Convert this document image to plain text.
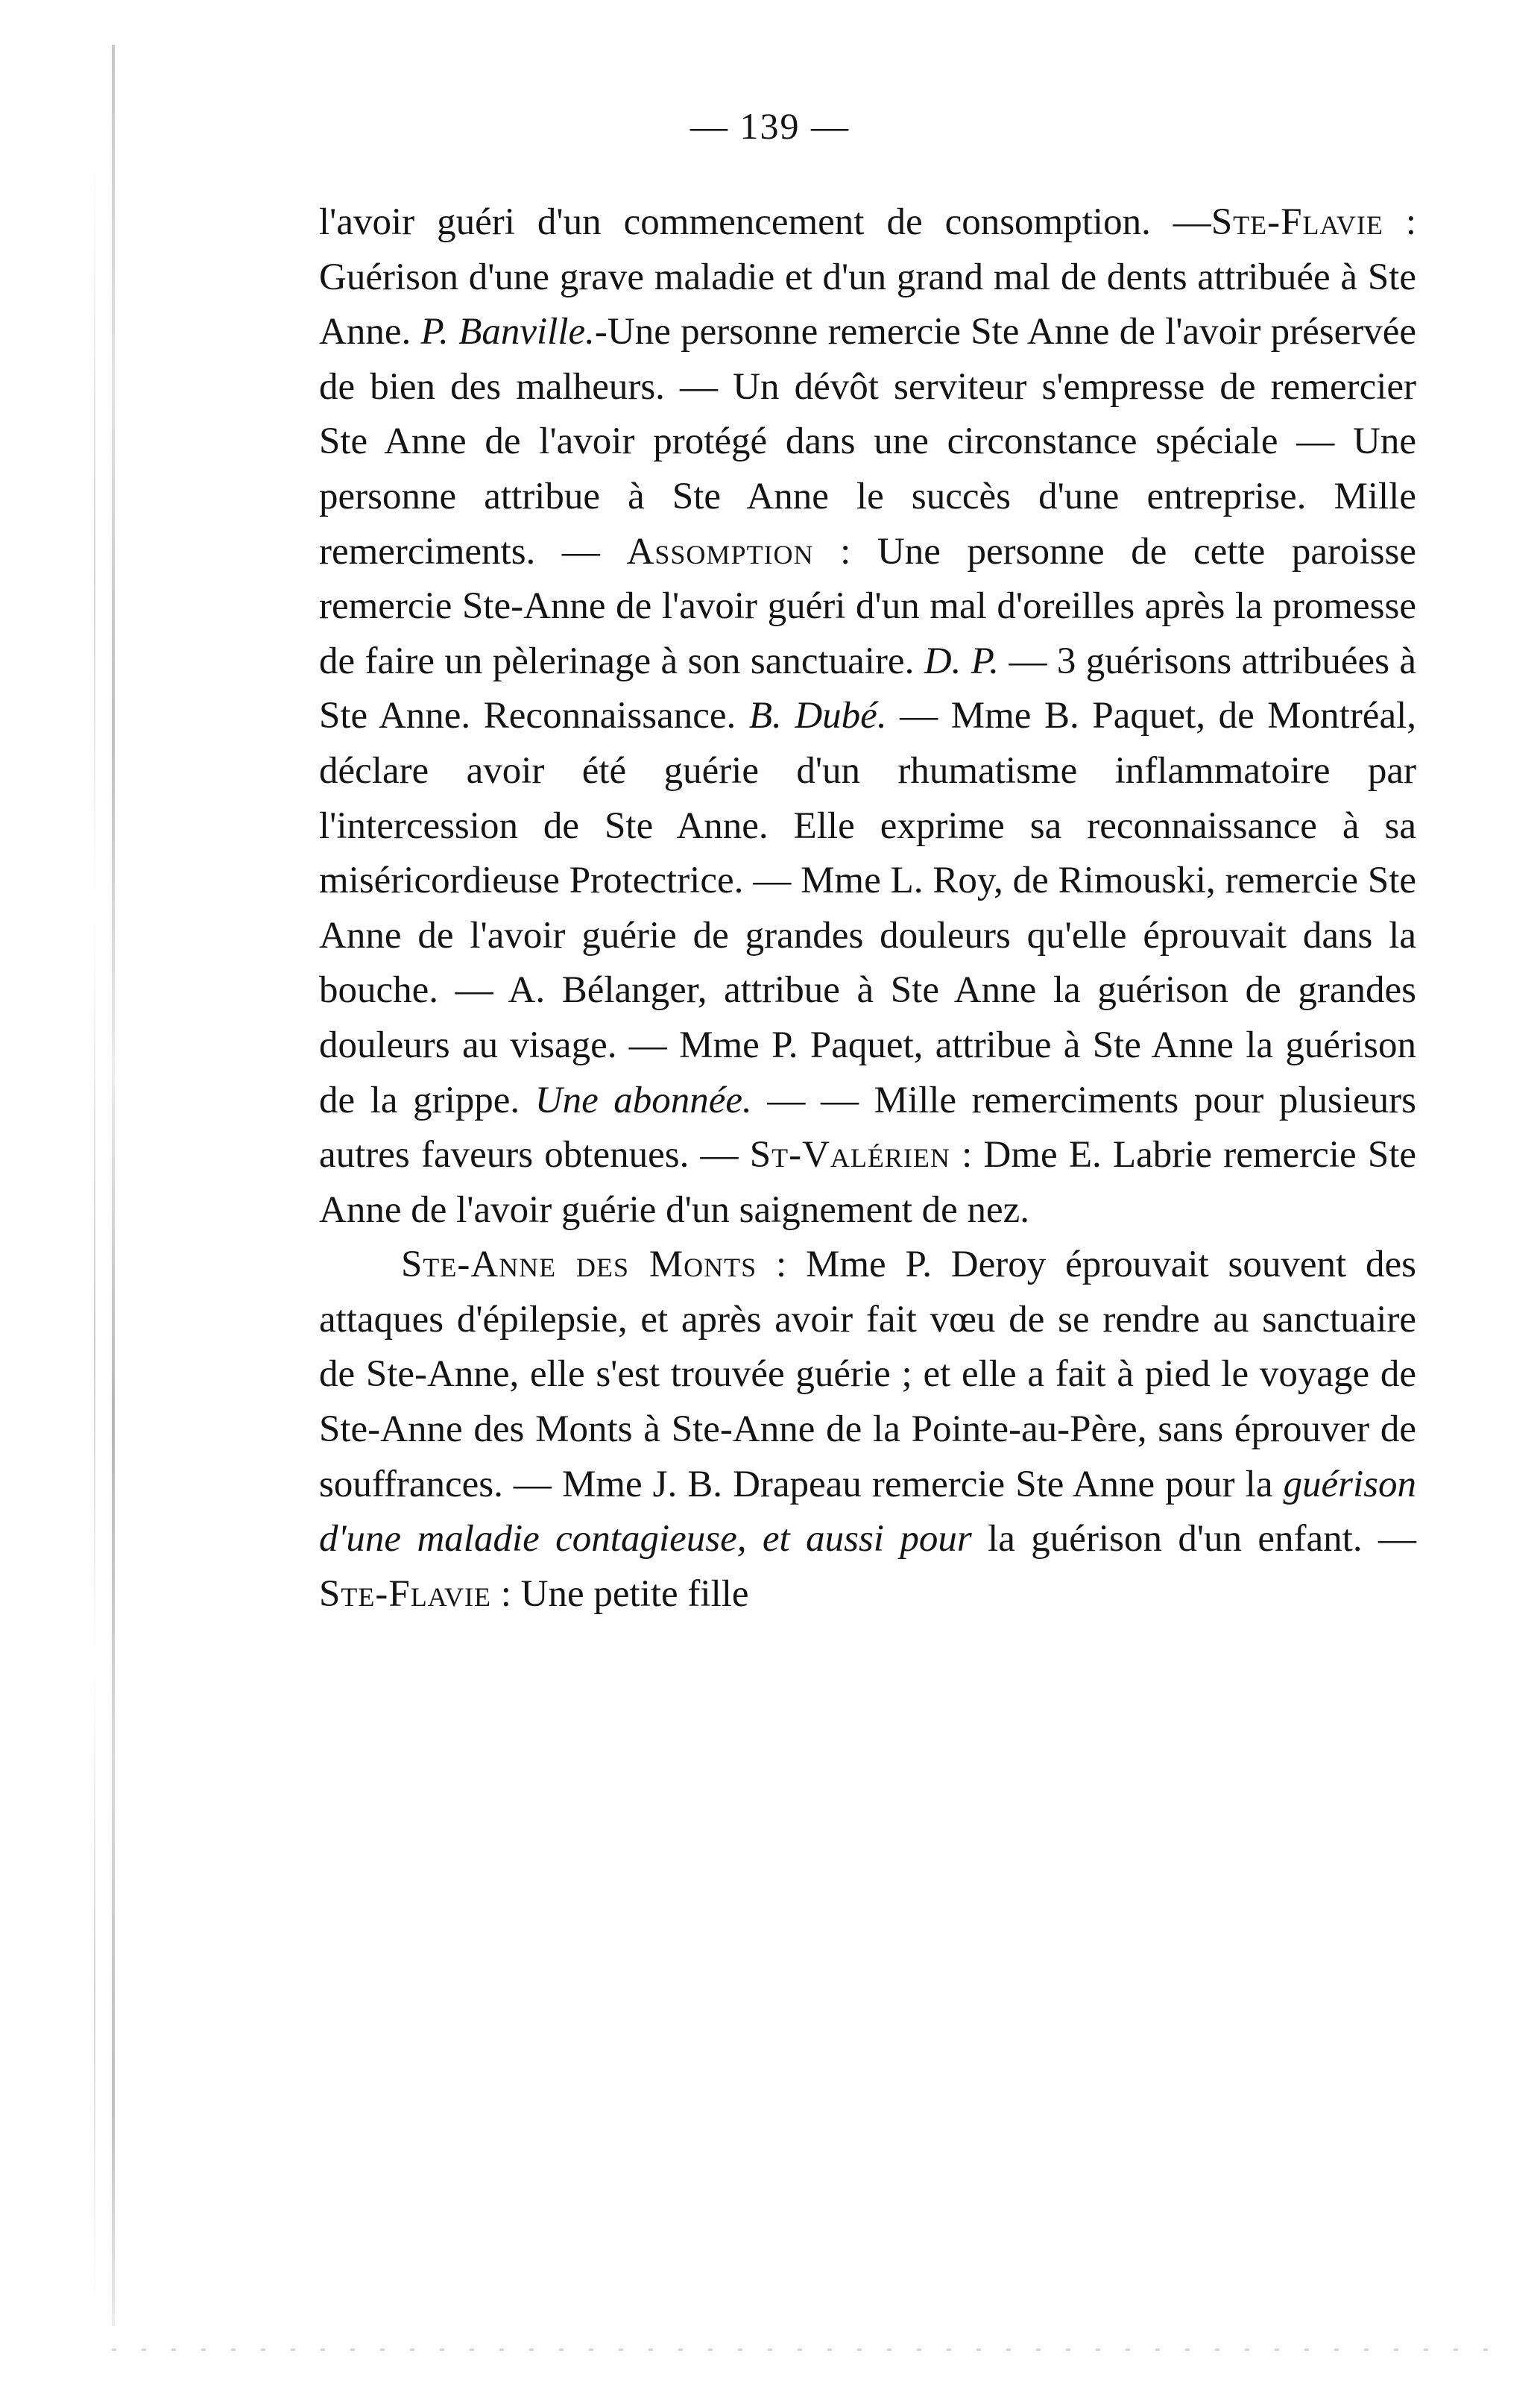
— 139 —

l'avoir guéri d'un commencement de consomption. —Ste-Flavie : Guérison d'une grave maladie et d'un grand mal de dents attribuée à Ste Anne. P. Banville.-Une personne remercie Ste Anne de l'avoir préservée de bien des malheurs. — Un dévôt serviteur s'empresse de remercier Ste Anne de l'avoir protégé dans une circonstance spéciale — Une personne attribue à Ste Anne le succès d'une entreprise. Mille remerciments. — Assomption : Une personne de cette paroisse remercie Ste-Anne de l'avoir guéri d'un mal d'oreilles après la promesse de faire un pèlerinage à son sanctuaire. D. P. — 3 guérisons attribuées à Ste Anne. Reconnaissance. B. Dubé. — Mme B. Paquet, de Montréal, déclare avoir été guérie d'un rhumatisme inflammatoire par l'intercession de Ste Anne. Elle exprime sa reconnaissance à sa miséricordieuse Protectrice. — Mme L. Roy, de Rimouski, remercie Ste Anne de l'avoir guérie de grandes douleurs qu'elle éprouvait dans la bouche. — A. Bélanger, attribue à Ste Anne la guérison de grandes douleurs au visage. — Mme P. Paquet, attribue à Ste Anne la guérison de la grippe. Une abonnée. — — Mille remerciments pour plusieurs autres faveurs obtenues. — St-Valérien : Dme E. Labrie remercie Ste Anne de l'avoir guérie d'un saignement de nez.

Ste-Anne des Monts : Mme P. Deroy éprouvait souvent des attaques d'épilepsie, et après avoir fait vœu de se rendre au sanctuaire de Ste-Anne, elle s'est trouvée guérie ; et elle a fait à pied le voyage de Ste-Anne des Monts à Ste-Anne de la Pointe-au-Père, sans éprouver de souffrances. — Mme J. B. Drapeau remercie Ste Anne pour la guérison d'une maladie contagieuse, et aussi pour la guérison d'un enfant. — Ste-Flavie : Une petite fille
